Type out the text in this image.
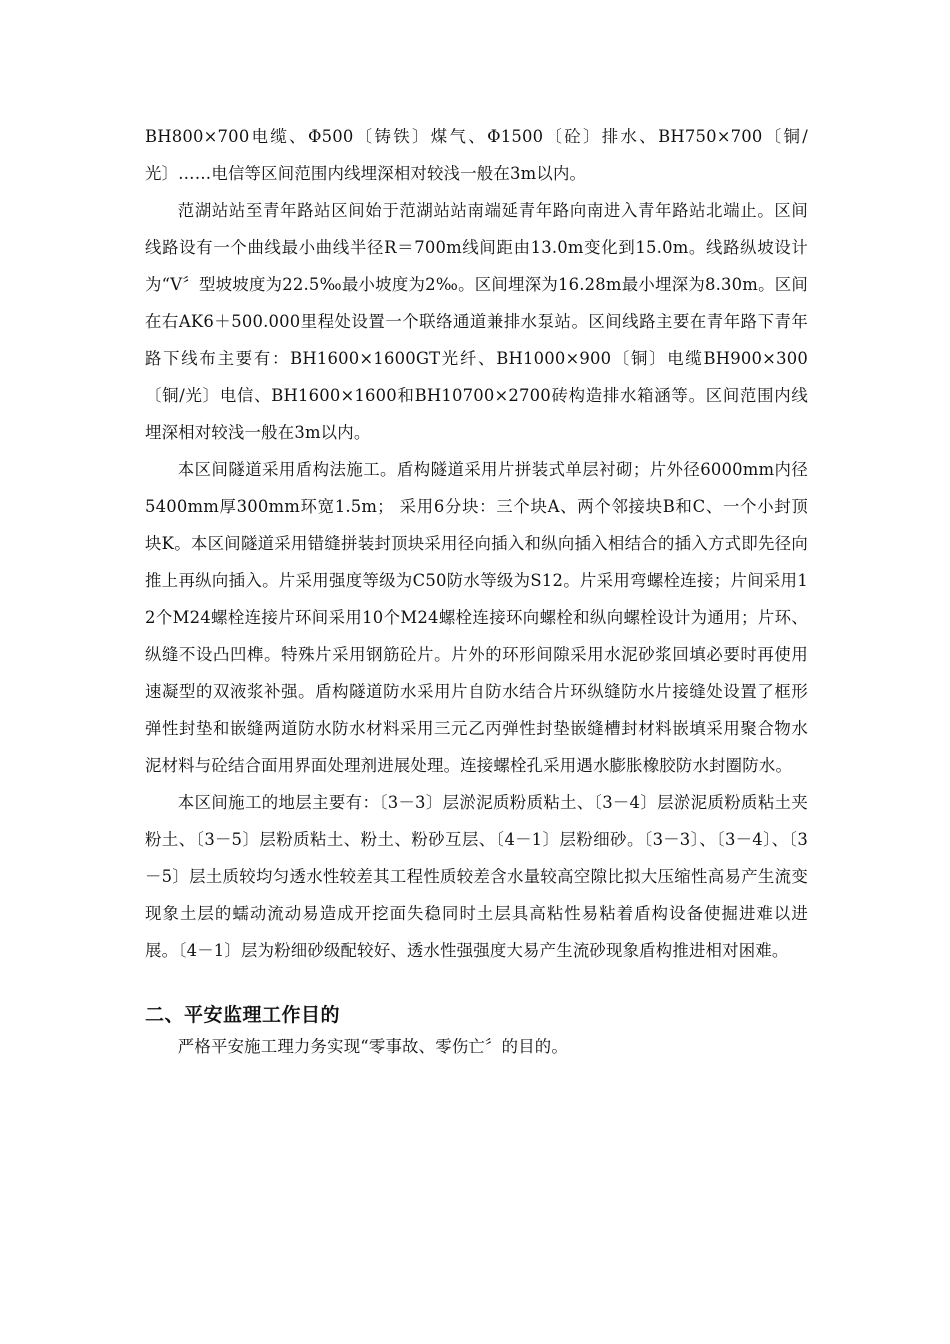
BH800×700电缆、Φ500〔铸铁〕煤气、Φ1500〔砼〕排水、BH750×700〔铜/光〕……电信等区间范围内线埋深相对较浅一般在3m以内。

范湖站站至青年路站区间始于范湖站站南端延青年路向南进入青年路站北端止。区间线路设有一个曲线最小曲线半径R＝700m线间距由13.0m变化到15.0m。线路纵坡设计为“V〞型坡坡度为22.5‰最小坡度为2‰。区间埋深为16.28m最小埋深为8.30m。区间在右AK6＋500.000里程处设置一个联络通道兼排水泵站。区间线路主要在青年路下青年路下线布主要有：BH1600×1600GT光纤、BH1000×900〔铜〕电缆BH900×300〔铜/光〕电信、BH1600×1600和BH10700×2700砖构造排水箱涵等。区间范围内线埋深相对较浅一般在3m以内。

本区间隧道采用盾构法施工。盾构隧道采用片拼装式单层衬砌；片外径6000mm内径5400mm厚300mm环宽1.5m； 采用6分块：三个块A、两个邻接块B和C、一个小封顶块K。本区间隧道采用错缝拼装封顶块采用径向插入和纵向插入相结合的插入方式即先径向推上再纵向插入。片采用强度等级为C50防水等级为S12。片采用弯螺栓连接；片间采用12个M24螺栓连接片环间采用10个M24螺栓连接环向螺栓和纵向螺栓设计为通用；片环、纵缝不设凸凹榫。特殊片采用钢筋砼片。片外的环形间隙采用水泥砂浆回填必要时再使用速凝型的双液浆补强。盾构隧道防水采用片自防水结合片环纵缝防水片接缝处设置了框形弹性封垫和嵌缝两道防水防水材料采用三元乙丙弹性封垫嵌缝槽封材料嵌填采用聚合物水泥材料与砼结合面用界面处理剂进展处理。连接螺栓孔采用遇水膨胀橡胶防水封圈防水。

本区间施工的地层主要有：〔3－3〕层淤泥质粉质粘土、〔3－4〕层淤泥质粉质粘土夹粉土、〔3－5〕层粉质粘土、粉土、粉砂互层、〔4－1〕层粉细砂。〔3－3〕、〔3－4〕、〔3－5〕层土质较均匀透水性较差其工程性质较差含水量较高空隙比拟大压缩性高易产生流变现象土层的蠕动流动易造成开挖面失稳同时土层具高粘性易粘着盾构设备使掘进难以进展。〔4－1〕层为粉细砂级配较好、透水性强强度大易产生流砂现象盾构推进相对困难。

二、平安监理工作目的

严格平安施工理力务实现“零事故、零伤亡〞的目的。
